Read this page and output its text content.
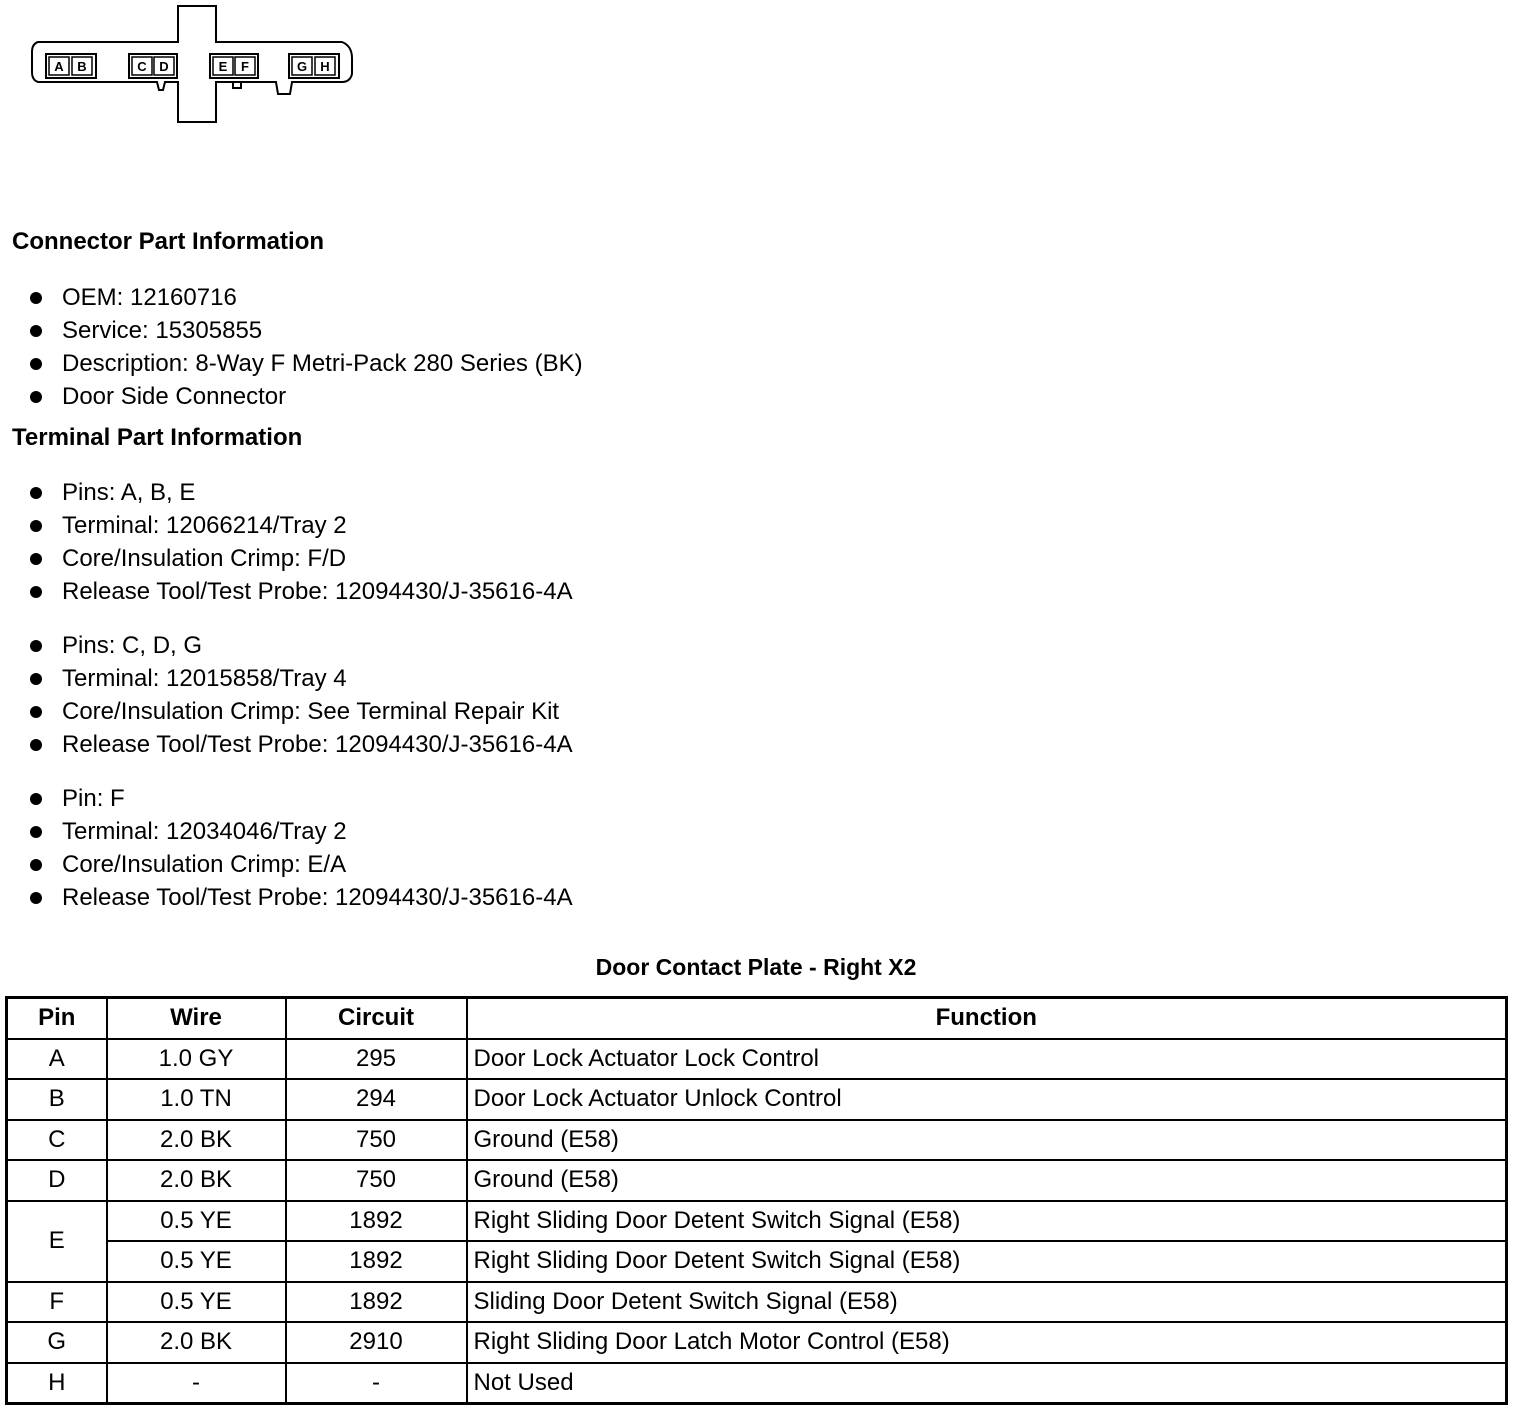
A B	C D	E F	G H
Connector Part Information
OEM: 12160716
Service: 15305855
Description: 8-Way F Metri-Pack 280 Series (BK)
Door Side Connector
Terminal Part Information
Pins: A, B, E
Terminal: 12066214/Tray 2
Core/Insulation Crimp: F/D
Release Tool/Test Probe: 12094430/J-35616-4A
Pins: C, D, G
Terminal: 12015858/Tray 4
Core/Insulation Crimp: See Terminal Repair Kit
Release Tool/Test Probe: 12094430/J-35616-4A
Pin: F
Terminal: 12034046/Tray 2
Core/Insulation Crimp: E/A
Release Tool/Test Probe: 12094430/J-35616-4A
Door Contact Plate - Right X2
Pin	Wire	Circuit	Function
A	1.0 GY	295	Door Lock Actuator Lock Control
B	1.0 TN	294	Door Lock Actuator Unlock Control
C	2.0 BK	750	Ground (E58)
D	2.0 BK	750	Ground (E58)
E	0.5 YE	1892	Right Sliding Door Detent Switch Signal (E58)
	0.5 YE	1892	Right Sliding Door Detent Switch Signal (E58)
F	0.5 YE	1892	Sliding Door Detent Switch Signal (E58)
G	2.0 BK	2910	Right Sliding Door Latch Motor Control (E58)
H	-	-	Not Used
